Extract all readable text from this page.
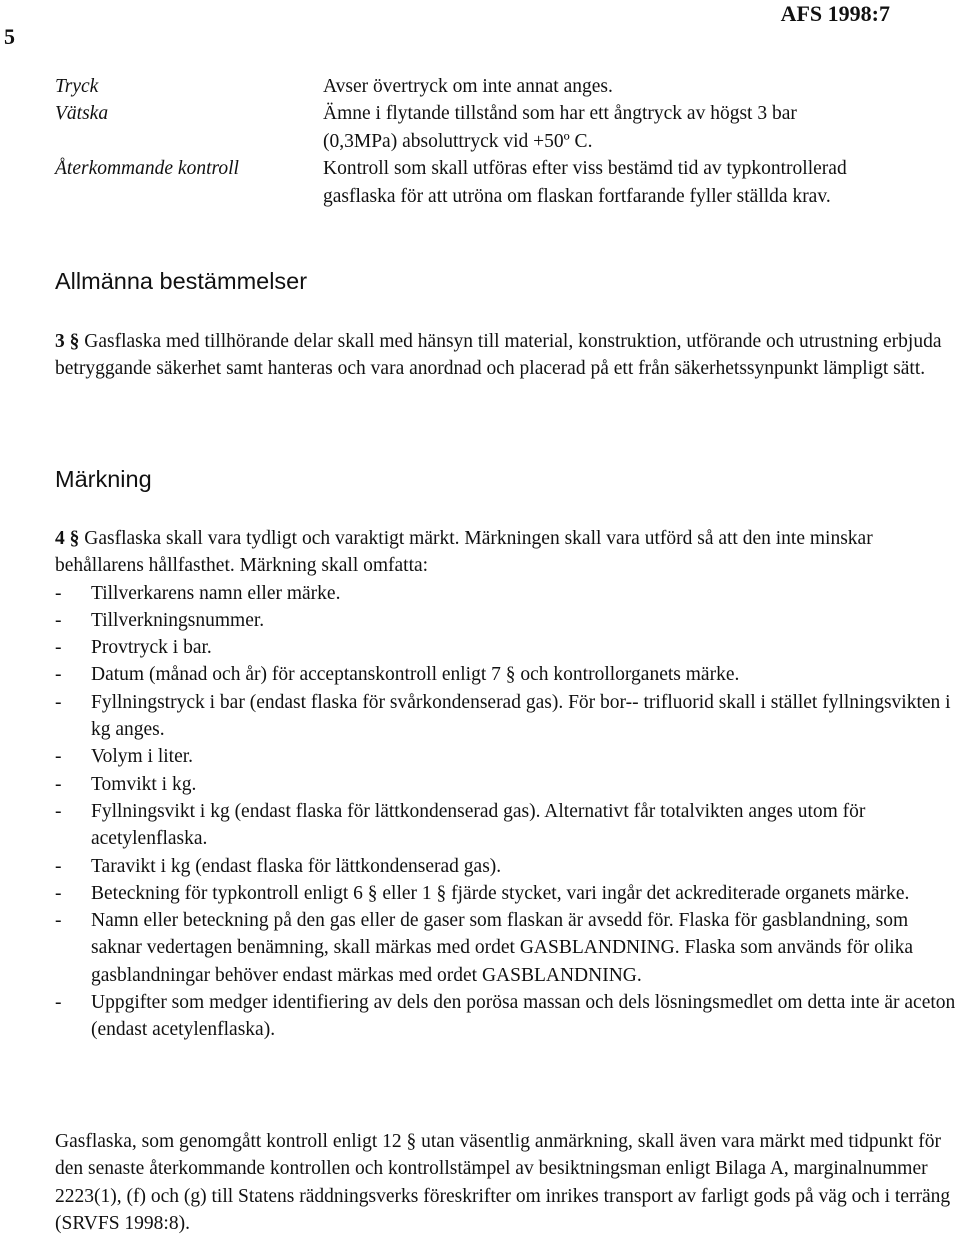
5
AFS 1998:7
Tryck	Avser övertryck om inte annat anges.
Vätska	Ämne i flytande tillstånd som har ett ångtryck av högst 3 bar
(0,3MPa) absoluttryck vid +50º C.
Återkommande kontroll	Kontroll som skall utföras efter viss bestämd tid av typkontrollerad
gasflaska för att utröna om flaskan fortfarande fyller ställda krav.
Allmänna bestämmelser

3 § Gasflaska med tillhörande delar skall med hänsyn till material, konstruktion, utförande och utrustning erbjuda betryggande säkerhet samt hanteras och vara anordnad och placerad på ett från säkerhetssynpunkt lämpligt sätt.

Märkning

4 § Gasflaska skall vara tydligt och varaktigt märkt. Märkningen skall vara utförd så att den inte minskar behållarens hållfasthet. Märkning skall omfatta:

- Tillverkarens namn eller märke.
- Tillverkningsnummer.
- Provtryck i bar.
- Datum (månad och år) för acceptanskontroll enligt 7 § och kontrollorganets märke.
- Fyllningstryck i bar (endast flaska för svårkondenserad gas). För bor-- trifluorid skall i stället fyllningsvikten i kg anges.
- Volym i liter.
- Tomvikt i kg.
- Fyllningsvikt i kg (endast flaska för lättkondenserad gas). Alternativt får totalvikten anges utom för acetylenflaska.
- Taravikt i kg (endast flaska för lättkondenserad gas).
- Beteckning för typkontroll enligt 6 § eller 1 § fjärde stycket, vari ingår det ackrediterade organets märke.
- Namn eller beteckning på den gas eller de gaser som flaskan är avsedd för. Flaska för gasblandning, som saknar vedertagen benämning, skall märkas med ordet GASBLANDNING. Flaska som används för olika gasblandningar behöver endast märkas med ordet GASBLANDNING.
- Uppgifter som medger identifiering av dels den porösa massan och dels lösningsmedlet om detta inte är aceton (endast acetylenflaska).

Gasflaska, som genomgått kontroll enligt 12 § utan väsentlig anmärkning, skall även vara märkt med tidpunkt för den senaste återkommande kontrollen och kontrollstämpel av besiktningsman enligt Bilaga A, marginalnummer 2223(1), (f) och (g) till Statens räddningsverks föreskrifter om inrikes transport av farligt gods på väg och i terräng (SRVFS 1998:8).
